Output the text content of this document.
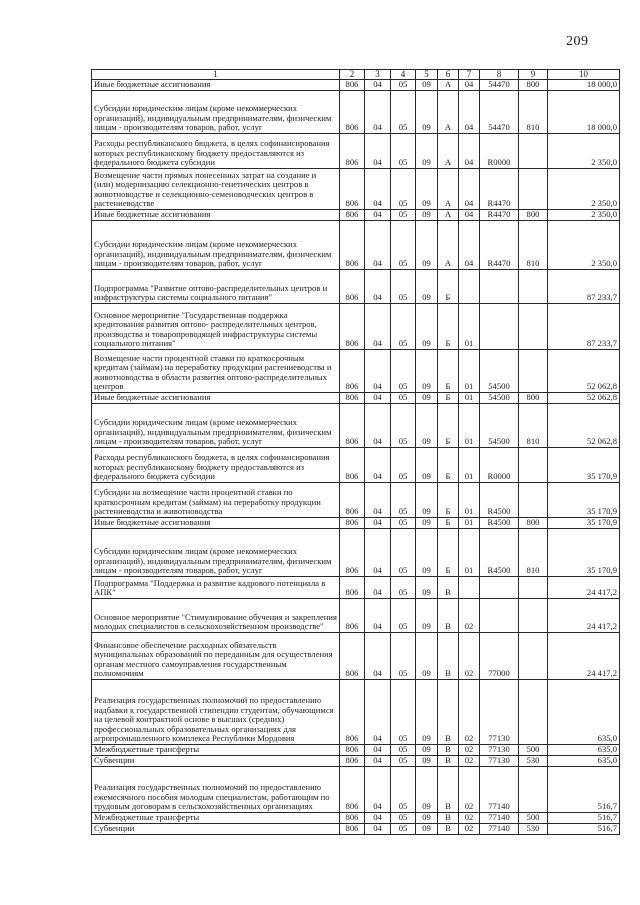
209
1	2	3	4	5	6	7	8	9	10
Иные бюджетные ассигнования	806	04	05	09	А	04	54470	800	18 000,0
Субсидии юридическим лицам (кроме некоммерческих организаций), индивидуальным предпринимателям, физическим лицам - производителям товаров, работ, услуг	806	04	05	09	А	04	54470	810	18 000,0
Расходы республиканского бюджета, в целях софинансирования которых республиканскому бюджету предоставляются из федерального бюджета субсидии	806	04	05	09	А	04	R0000		2 350,0
Возмещение части прямых понесенных затрат на создание и (или) модернизацию селекционно-генетических центров в животноводстве и селекционно-семеноводческих центров в растениеводстве	806	04	05	09	А	04	R4470		2 350,0
Иные бюджетные ассигнования	806	04	05	09	А	04	R4470	800	2 350,0
Субсидии юридическим лицам (кроме некоммерческих организаций), индивидуальным предпринимателям, физическим лицам - производителям товаров, работ, услуг	806	04	05	09	А	04	R4470	810	2 350,0
Подпрограмма "Развитие оптово-распределительных центров и инфраструктуры системы социального питания"	806	04	05	09	Б				87 233,7
Основное мероприятие "Государственная поддержка кредитования развития оптово- распределительных центров, производства и товаропроводящей инфраструктуры системы социального питания"	806	04	05	09	Б	01			87 233,7
Возмещение части процентной ставки по краткосрочным кредитам (займам) на переработку продукции растениеводства и животноводства в области развития оптово-распределительных центров	806	04	05	09	Б	01	54500		52 062,8
Иные бюджетные ассигнования	806	04	05	09	Б	01	54500	800	52 062,8
Субсидии юридическим лицам (кроме некоммерческих организаций), индивидуальным предпринимателям, физическим лицам - производителям товаров, работ, услуг	806	04	05	09	Б	01	54500	810	52 062,8
Расходы республиканского бюджета, в целях софинансирования которых республиканскому бюджету предоставляются из федерального бюджета субсидии	806	04	05	09	Б	01	R0000		35 170,9
Субсидии на возмещение части процентной ставки по краткосрочным кредитам (займам) на переработку продукции растениеводства и животноводства	806	04	05	09	Б	01	R4500		35 170,9
Иные бюджетные ассигнования	806	04	05	09	Б	01	R4500	800	35 170,9
Субсидии юридическим лицам (кроме некоммерческих организаций), индивидуальным предпринимателям, физическим лицам - производителям товаров, работ, услуг	806	04	05	09	Б	01	R4500	810	35 170,9
Подпрограмма "Поддержка и развитие кадрового потенциала в АПК"	806	04	05	09	В				24 417,2
Основное мероприятие "Стимулирование обучения и закрепления молодых специалистов в сельскохозяйственном производстве"	806	04	05	09	В	02			24 417,2
Финансовое обеспечение расходных обязательств муниципальных образований по переданным для осуществления органам местного самоуправления государственным полномочиям	806	04	05	09	В	02	77000		24 417,2
Реализация государственных полномочий по предоставлению надбавки к государственной стипендии студентам, обучающимся на целевой контрактной основе в высших (средних) профессиональных образовательных организациях для агропромышленного комплекса Республики Мордовия	806	04	05	09	В	02	77130		635,0
Межбюджетные трансферты	806	04	05	09	В	02	77130	500	635,0
Субвенции	806	04	05	09	В	02	77130	530	635,0
Реализация государственных полномочий по предоставлению ежемесячного пособия молодым специалистам, работающим по трудовым договорам в сельскохозяйственных организациях	806	04	05	09	В	02	77140		516,7
Межбюджетные трансферты	806	04	05	09	В	02	77140	500	516,7
Субвенции	806	04	05	09	В	02	77140	530	516,7
